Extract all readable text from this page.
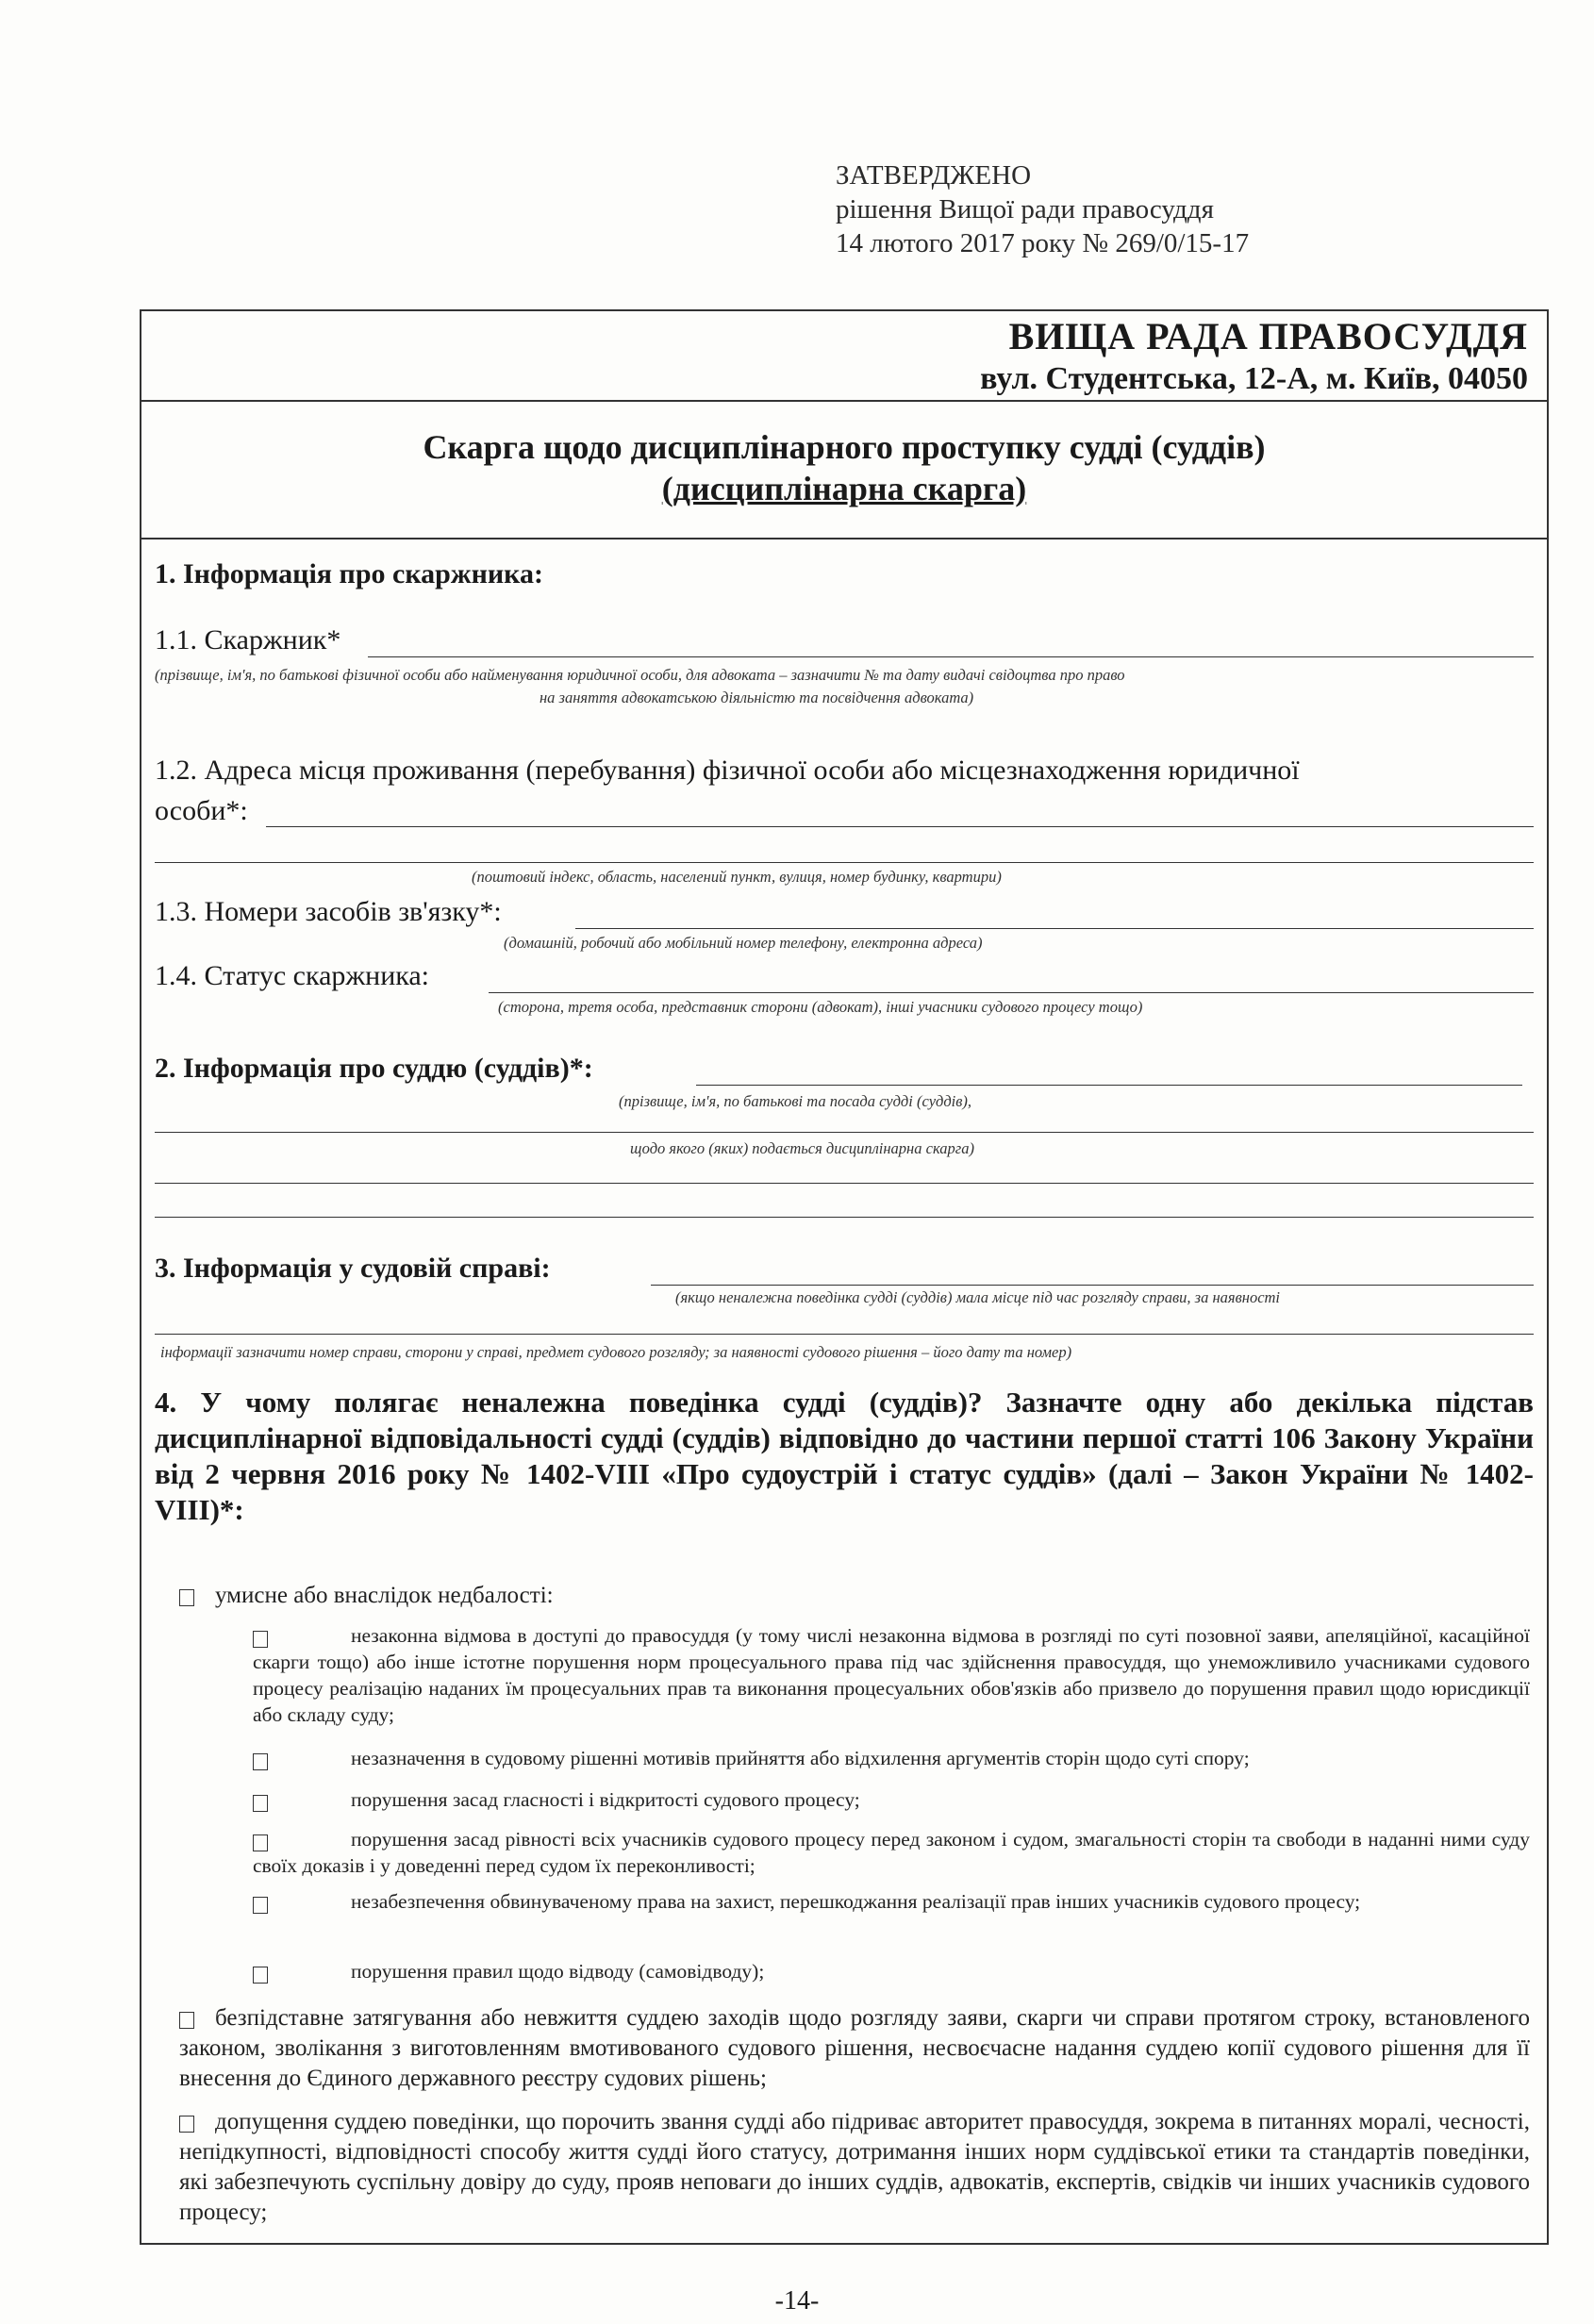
ЗАТВЕРДЖЕНО
рішення Вищої ради правосуддя
14 лютого 2017 року № 269/0/15-17
ВИЩА РАДА ПРАВОСУДДЯ
вул. Студентська, 12-А, м. Київ, 04050
Скарга щодо дисциплінарного проступку судді (суддів)
(дисциплінарна скарга)
1. Інформація про скаржника:
1.1. Скаржник*
(прізвище, ім'я, по батькові фізичної особи або найменування юридичної особи, для адвоката – зазначити № та дату видачі свідоцтва про право
на заняття адвокатською діяльністю та посвідчення адвоката)
1.2. Адреса місця проживання (перебування) фізичної особи або місцезнаходження юридичної
особи*:
(поштовий індекс, область, населений пункт, вулиця, номер будинку, квартири)
1.3. Номери засобів зв'язку*:
(домашній, робочий або мобільний номер телефону, електронна адреса)
1.4. Статус скаржника:
(сторона, третя особа, представник сторони (адвокат), інші учасники судового процесу тощо)
2. Інформація про суддю (суддів)*:
(прізвище, ім'я, по батькові та посада судді (суддів),
щодо якого (яких) подається дисциплінарна скарга)
3. Інформація у судовій справі:
(якщо неналежна поведінка судді (суддів) мала місце під час розгляду справи, за наявності
інформації зазначити номер справи, сторони у справі, предмет судового розгляду; за наявності судового рішення – його дату та номер)
4. У чому полягає неналежна поведінка судді (суддів)? Зазначте одну або декілька підстав дисциплінарної відповідальності судді (суддів) відповідно до частини першої статті 106 Закону України від 2 червня 2016 року № 1402-VIII «Про судоустрій і статус суддів» (далі – Закон України № 1402-VIII)*:
умисне або внаслідок недбалості:
незаконна відмова в доступі до правосуддя (у тому числі незаконна відмова в розгляді по суті позовної заяви, апеляційної, касаційної скарги тощо) або інше істотне порушення норм процесуального права під час здійснення правосуддя, що унеможливило учасниками судового процесу реалізацію наданих їм процесуальних прав та виконання процесуальних обов'язків або призвело до порушення правил щодо юрисдикції або складу суду;
незазначення в судовому рішенні мотивів прийняття або відхилення аргументів сторін щодо суті спору;
порушення засад гласності і відкритості судового процесу;
порушення засад рівності всіх учасників судового процесу перед законом і судом, змагальності сторін та свободи в наданні ними суду своїх доказів і у доведенні перед судом їх переконливості;
незабезпечення обвинуваченому права на захист, перешкоджання реалізації прав інших учасників судового процесу;
порушення правил щодо відводу (самовідводу);
безпідставне затягування або невжиття суддею заходів щодо розгляду заяви, скарги чи справи протягом строку, встановленого законом, зволікання з виготовленням вмотивованого судового рішення, несвоєчасне надання суддею копії судового рішення для її внесення до Єдиного державного реєстру судових рішень;
допущення суддею поведінки, що порочить звання судді або підриває авторитет правосуддя, зокрема в питаннях моралі, чесності, непідкупності, відповідності способу життя судді його статусу, дотримання інших норм суддівської етики та стандартів поведінки, які забезпечують суспільну довіру до суду, прояв неповаги до інших суддів, адвокатів, експертів, свідків чи інших учасників судового процесу;
-14-
